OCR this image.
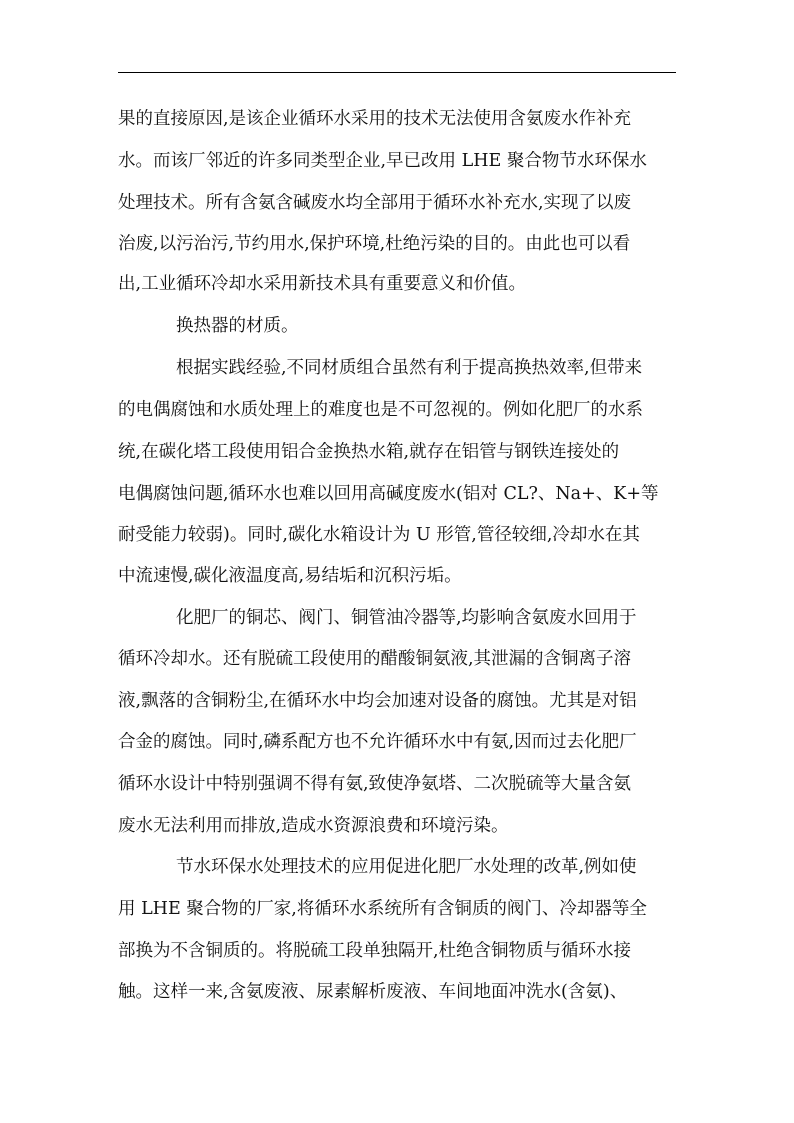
果的直接原因,是该企业循环水采用的技术无法使用含氨废水作补充
水。而该厂邻近的许多同类型企业,早已改用 LHE 聚合物节水环保水
处理技术。所有含氨含碱废水均全部用于循环水补充水,实现了以废
治废,以污治污,节约用水,保护环境,杜绝污染的目的。由此也可以看
出,工业循环冷却水采用新技术具有重要意义和价值。
换热器的材质。
根据实践经验,不同材质组合虽然有利于提高换热效率,但带来
的电偶腐蚀和水质处理上的难度也是不可忽视的。例如化肥厂的水系
统,在碳化塔工段使用铝合金换热水箱,就存在铝管与钢铁连接处的
电偶腐蚀问题,循环水也难以回用高碱度废水(铝对 CL?、Na+、K+等
耐受能力较弱)。同时,碳化水箱设计为 U 形管,管径较细,冷却水在其
中流速慢,碳化液温度高,易结垢和沉积污垢。
化肥厂的铜芯、阀门、铜管油冷器等,均影响含氨废水回用于
循环冷却水。还有脱硫工段使用的醋酸铜氨液,其泄漏的含铜离子溶
液,飘落的含铜粉尘,在循环水中均会加速对设备的腐蚀。尤其是对铝
合金的腐蚀。同时,磷系配方也不允许循环水中有氨,因而过去化肥厂
循环水设计中特别强调不得有氨,致使净氨塔、二次脱硫等大量含氨
废水无法利用而排放,造成水资源浪费和环境污染。
节水环保水处理技术的应用促进化肥厂水处理的改革,例如使
用 LHE 聚合物的厂家,将循环水系统所有含铜质的阀门、冷却器等全
部换为不含铜质的。将脱硫工段单独隔开,杜绝含铜物质与循环水接
触。这样一来,含氨废液、尿素解析废液、车间地面冲洗水(含氨)、
